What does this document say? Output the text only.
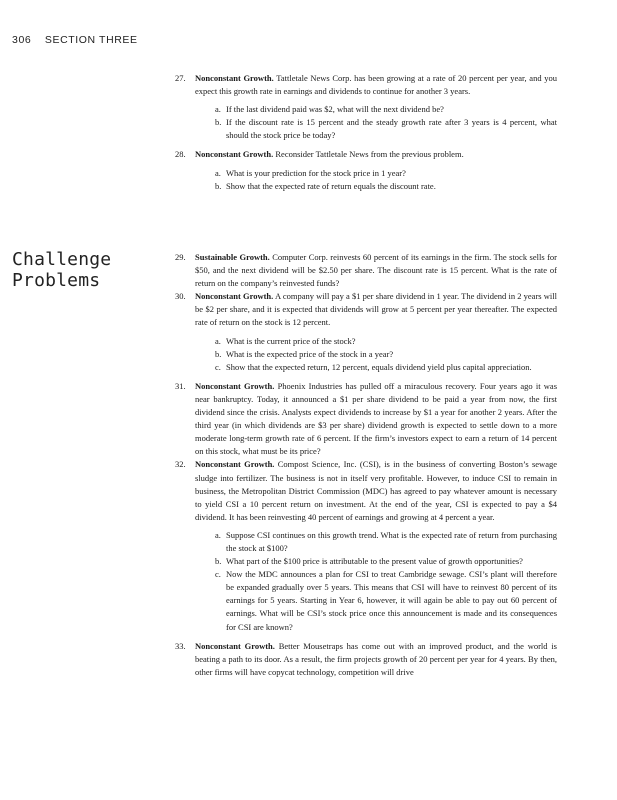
306 SECTION THREE
Challenge
Problems
27. Nonconstant Growth. Tattletale News Corp. has been growing at a rate of 20 percent per year, and you expect this growth rate in earnings and dividends to continue for another 3 years.
a. If the last dividend paid was $2, what will the next dividend be?
b. If the discount rate is 15 percent and the steady growth rate after 3 years is 4 percent, what should the stock price be today?
28. Nonconstant Growth. Reconsider Tattletale News from the previous problem.
a. What is your prediction for the stock price in 1 year?
b. Show that the expected rate of return equals the discount rate.
29. Sustainable Growth. Computer Corp. reinvests 60 percent of its earnings in the firm. The stock sells for $50, and the next dividend will be $2.50 per share. The discount rate is 15 percent. What is the rate of return on the company’s reinvested funds?
30. Nonconstant Growth. A company will pay a $1 per share dividend in 1 year. The dividend in 2 years will be $2 per share, and it is expected that dividends will grow at 5 percent per year thereafter. The expected rate of return on the stock is 12 percent.
a. What is the current price of the stock?
b. What is the expected price of the stock in a year?
c. Show that the expected return, 12 percent, equals dividend yield plus capital appreciation.
31. Nonconstant Growth. Phoenix Industries has pulled off a miraculous recovery. Four years ago it was near bankruptcy. Today, it announced a $1 per share dividend to be paid a year from now, the first dividend since the crisis. Analysts expect dividends to increase by $1 a year for another 2 years. After the third year (in which dividends are $3 per share) dividend growth is expected to settle down to a more moderate long-term growth rate of 6 percent. If the firm’s investors expect to earn a return of 14 percent on this stock, what must be its price?
32. Nonconstant Growth. Compost Science, Inc. (CSI), is in the business of converting Boston’s sewage sludge into fertilizer. The business is not in itself very profitable. However, to induce CSI to remain in business, the Metropolitan District Commission (MDC) has agreed to pay whatever amount is necessary to yield CSI a 10 percent return on investment. At the end of the year, CSI is expected to pay a $4 dividend. It has been reinvesting 40 percent of earnings and growing at 4 percent a year.
a. Suppose CSI continues on this growth trend. What is the expected rate of return from purchasing the stock at $100?
b. What part of the $100 price is attributable to the present value of growth opportunities?
c. Now the MDC announces a plan for CSI to treat Cambridge sewage. CSI’s plant will therefore be expanded gradually over 5 years. This means that CSI will have to reinvest 80 percent of its earnings for 5 years. Starting in Year 6, however, it will again be able to pay out 60 percent of earnings. What will be CSI’s stock price once this announcement is made and its consequences for CSI are known?
33. Nonconstant Growth. Better Mousetraps has come out with an improved product, and the world is beating a path to its door. As a result, the firm projects growth of 20 percent per year for 4 years. By then, other firms will have copycat technology, competition will drive
